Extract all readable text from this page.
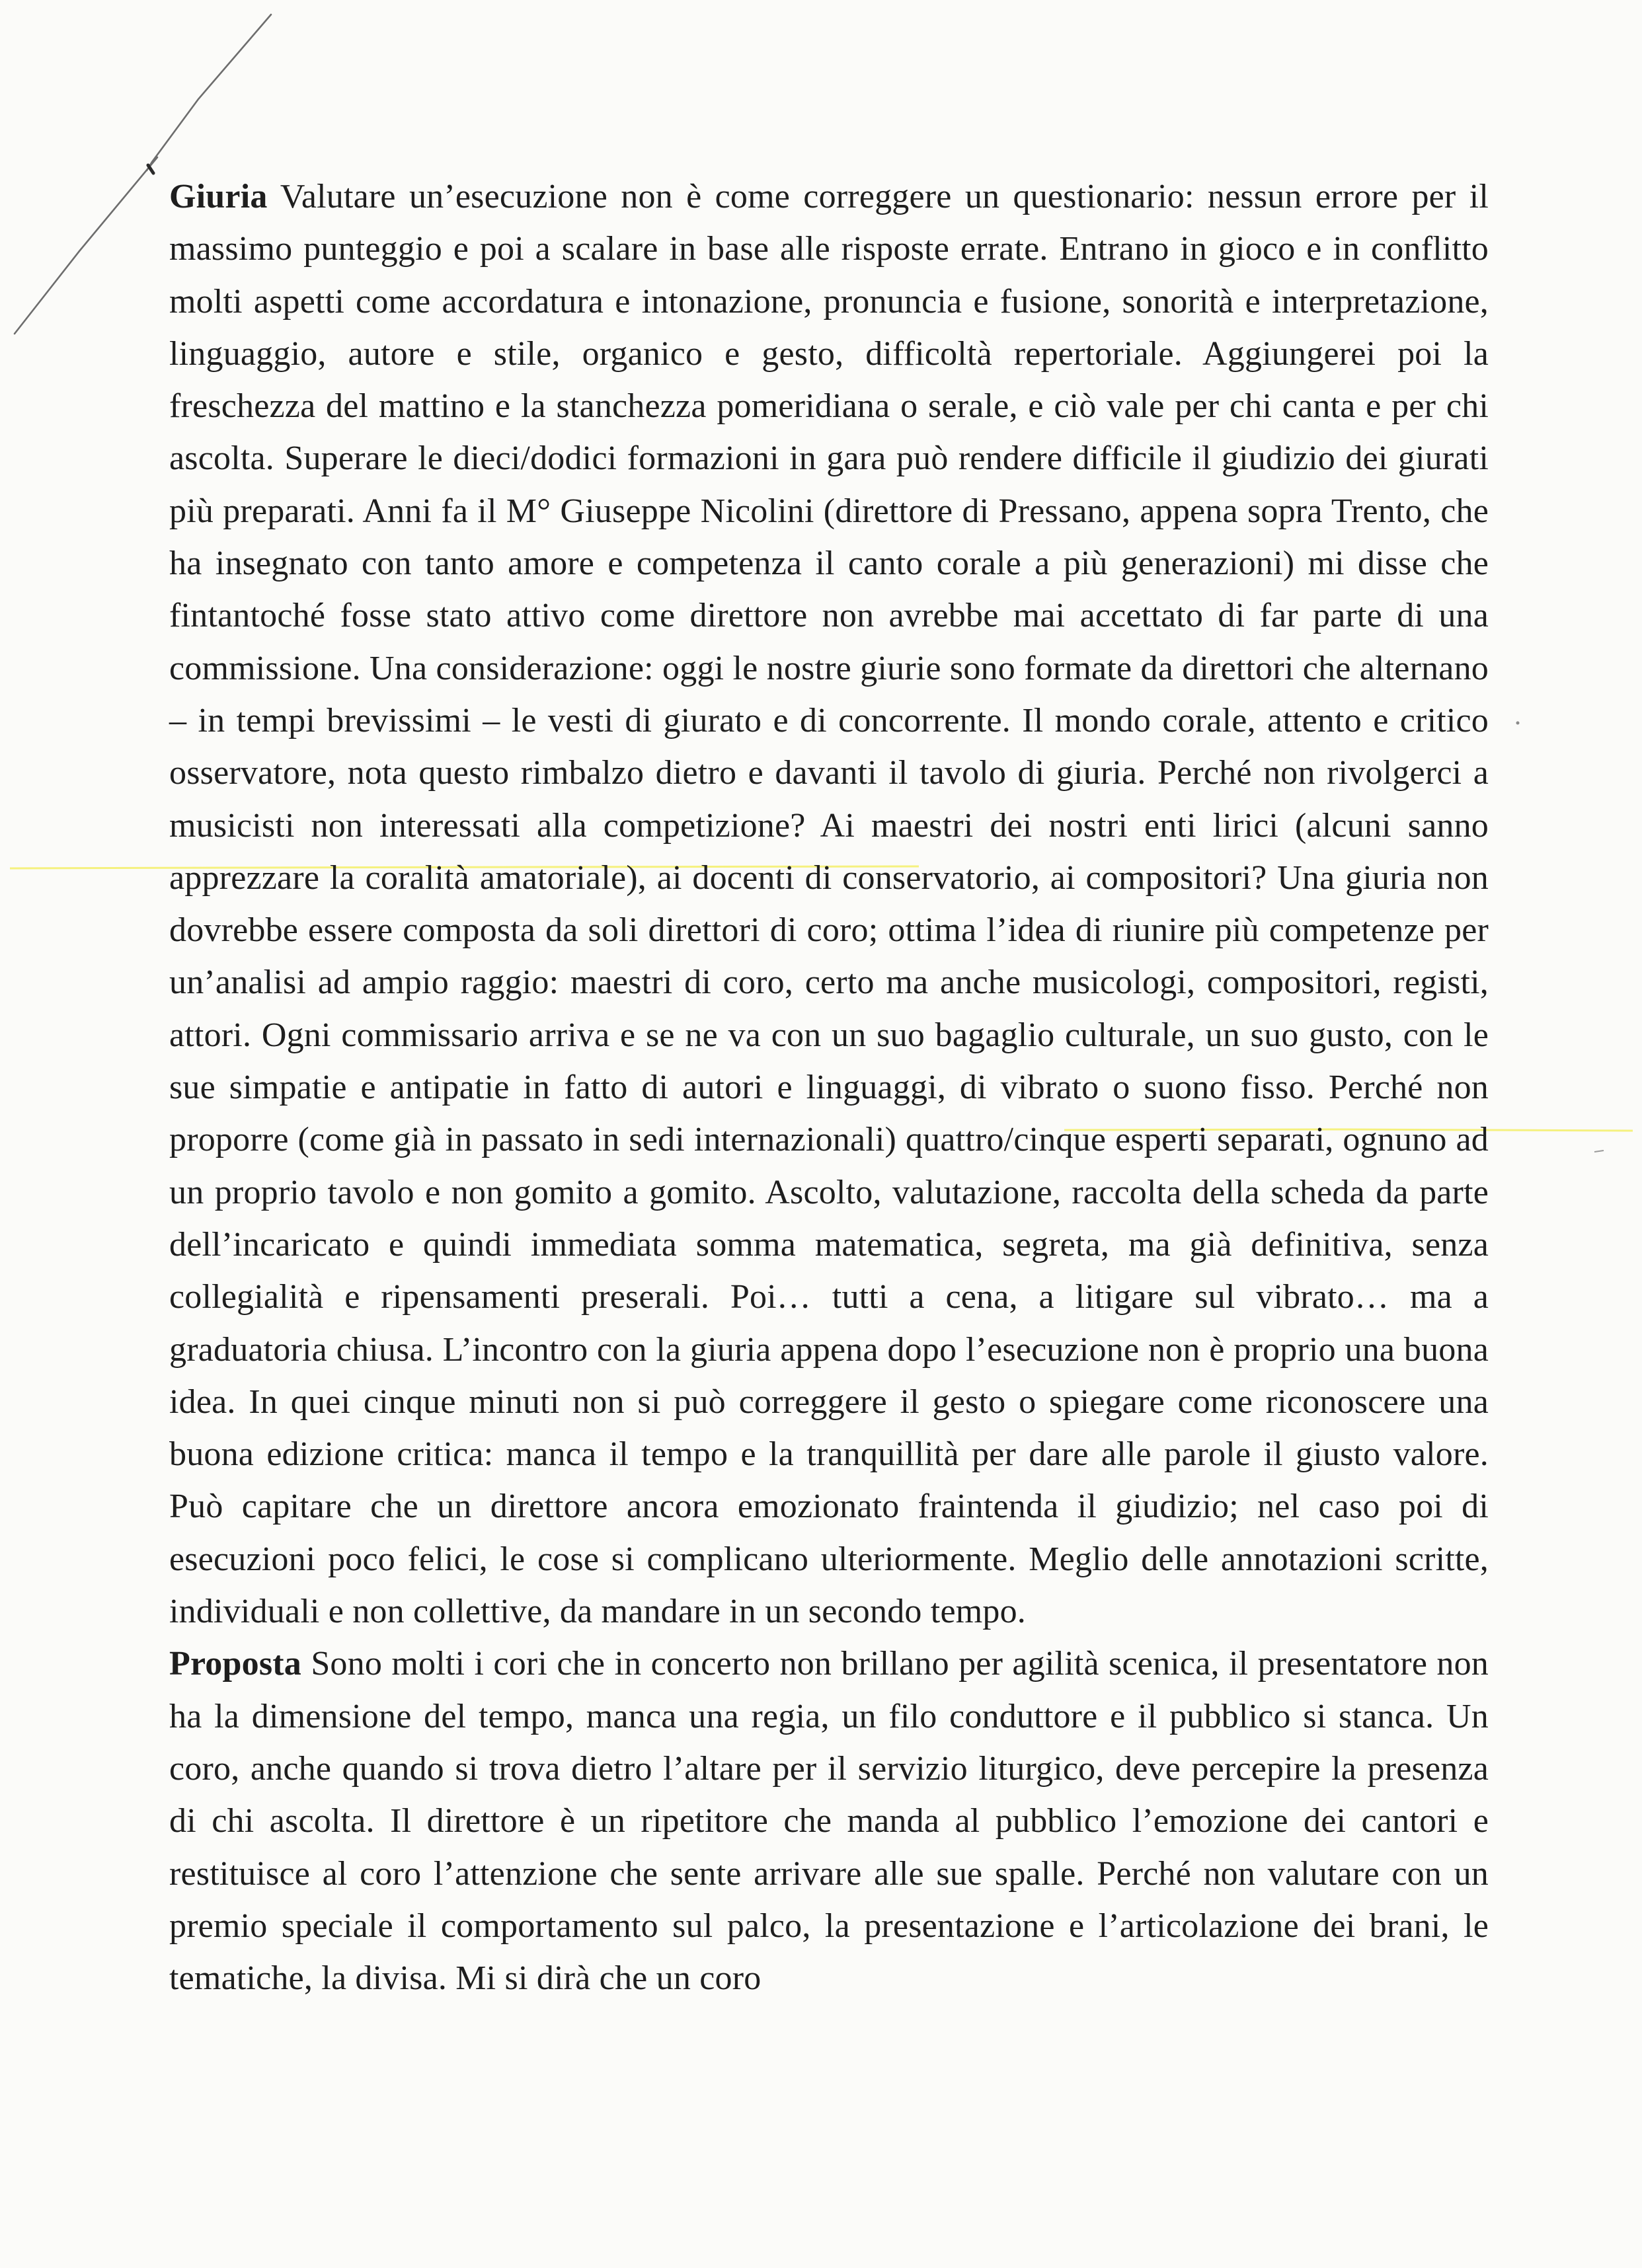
Giuria Valutare un’esecuzione non è come correggere un questionario: nessun errore per il massimo punteggio e poi a scalare in base alle risposte errate. Entrano in gioco e in conflitto molti aspetti come accordatura e intonazione, pronuncia e fusione, sonorità e interpretazione, linguaggio, autore e stile, organico e gesto, difficoltà repertoriale. Aggiungerei poi la freschezza del mattino e la stanchezza pomeridiana o serale, e ciò vale per chi canta e per chi ascolta. Superare le dieci/dodici formazioni in gara può rendere difficile il giudizio dei giurati più preparati. Anni fa il M° Giuseppe Nicolini (direttore di Pressano, appena sopra Trento, che ha insegnato con tanto amore e competenza il canto corale a più generazioni) mi disse che fintantoché fosse stato attivo come direttore non avrebbe mai accettato di far parte di una commissione. Una considerazione: oggi le nostre giurie sono formate da direttori che alternano – in tempi brevissimi – le vesti di giurato e di concorrente. Il mondo corale, attento e critico osservatore, nota questo rimbalzo dietro e davanti il tavolo di giuria. Perché non rivolgerci a musicisti non interessati alla competizione? Ai maestri dei nostri enti lirici (alcuni sanno apprezzare la coralità amatoriale), ai docenti di conservatorio, ai compositori? Una giuria non dovrebbe essere composta da soli direttori di coro; ottima l’idea di riunire più competenze per un’analisi ad ampio raggio: maestri di coro, certo ma anche musicologi, compositori, registi, attori. Ogni commissario arriva e se ne va con un suo bagaglio culturale, un suo gusto, con le sue simpatie e antipatie in fatto di autori e linguaggi, di vibrato o suono fisso. Perché non proporre (come già in passato in sedi internazionali) quattro/cinque esperti separati, ognuno ad un proprio tavolo e non gomito a gomito. Ascolto, valutazione, raccolta della scheda da parte dell’incaricato e quindi immediata somma matematica, segreta, ma già definitiva, senza collegialità e ripensamenti preserali. Poi… tutti a cena, a litigare sul vibrato… ma a graduatoria chiusa. L’incontro con la giuria appena dopo l’esecuzione non è proprio una buona idea. In quei cinque minuti non si può correggere il gesto o spiegare come riconoscere una buona edizione critica: manca il tempo e la tranquillità per dare alle parole il giusto valore. Può capitare che un direttore ancora emozionato fraintenda il giudizio; nel caso poi di esecuzioni poco felici, le cose si complicano ulteriormente. Meglio delle annotazioni scritte, individuali e non collettive, da mandare in un secondo tempo.

Proposta Sono molti i cori che in concerto non brillano per agilità scenica, il presentatore non ha la dimensione del tempo, manca una regia, un filo conduttore e il pubblico si stanca. Un coro, anche quando si trova dietro l’altare per il servizio liturgico, deve percepire la presenza di chi ascolta. Il direttore è un ripetitore che manda al pubblico l’emozione dei cantori e restituisce al coro l’attenzione che sente arrivare alle sue spalle. Perché non valutare con un premio speciale il comportamento sul palco, la presentazione e l’articolazione dei brani, le tematiche, la divisa. Mi si dirà che un coro
